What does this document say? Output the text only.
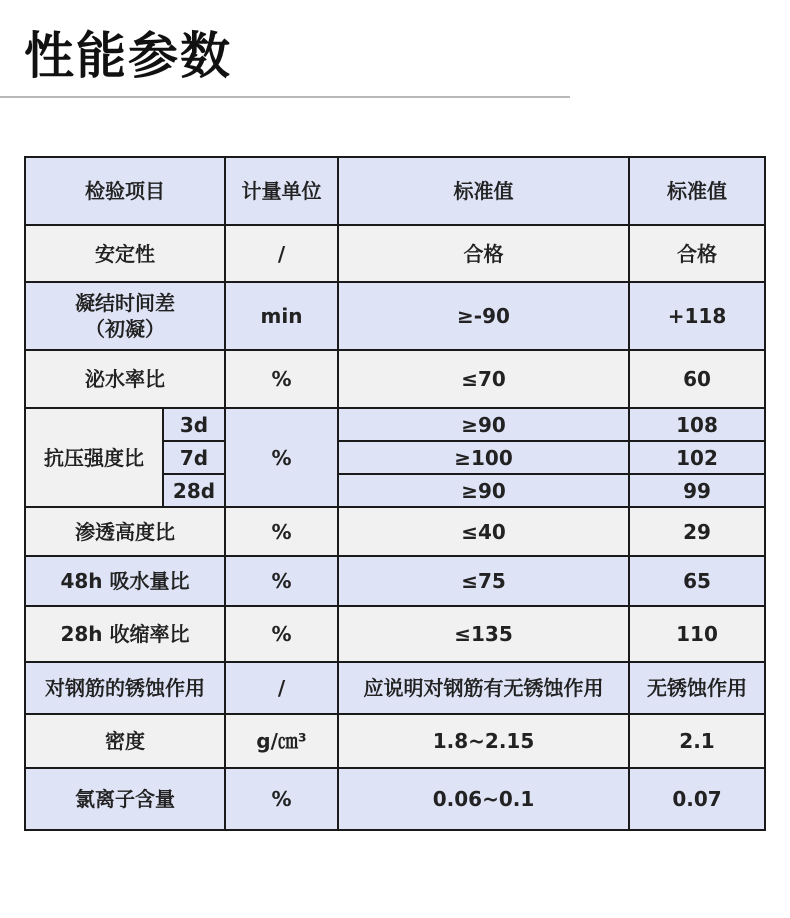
性能参数
检验项目		计量单位	标准值	标准值
安定性		/	合格	合格

凝结时间差
（初凝）		min	≥-90	+118
泌水率比		%	≤70	60
抗压强度比	3d	%	≥90	108
	7d		≥100	102
	28d		≥90	99
渗透高度比		%	≤40	29
48h 吸水量比		%	≤75	65
28h 收缩率比		%	≤135	110
对钢筋的锈蚀作用		/	应说明对钢筋有无锈蚀作用	无锈蚀作用
密度		g/㎝³	1.8~2.15	2.1
氯离子含量		%	0.06~0.1	0.07
